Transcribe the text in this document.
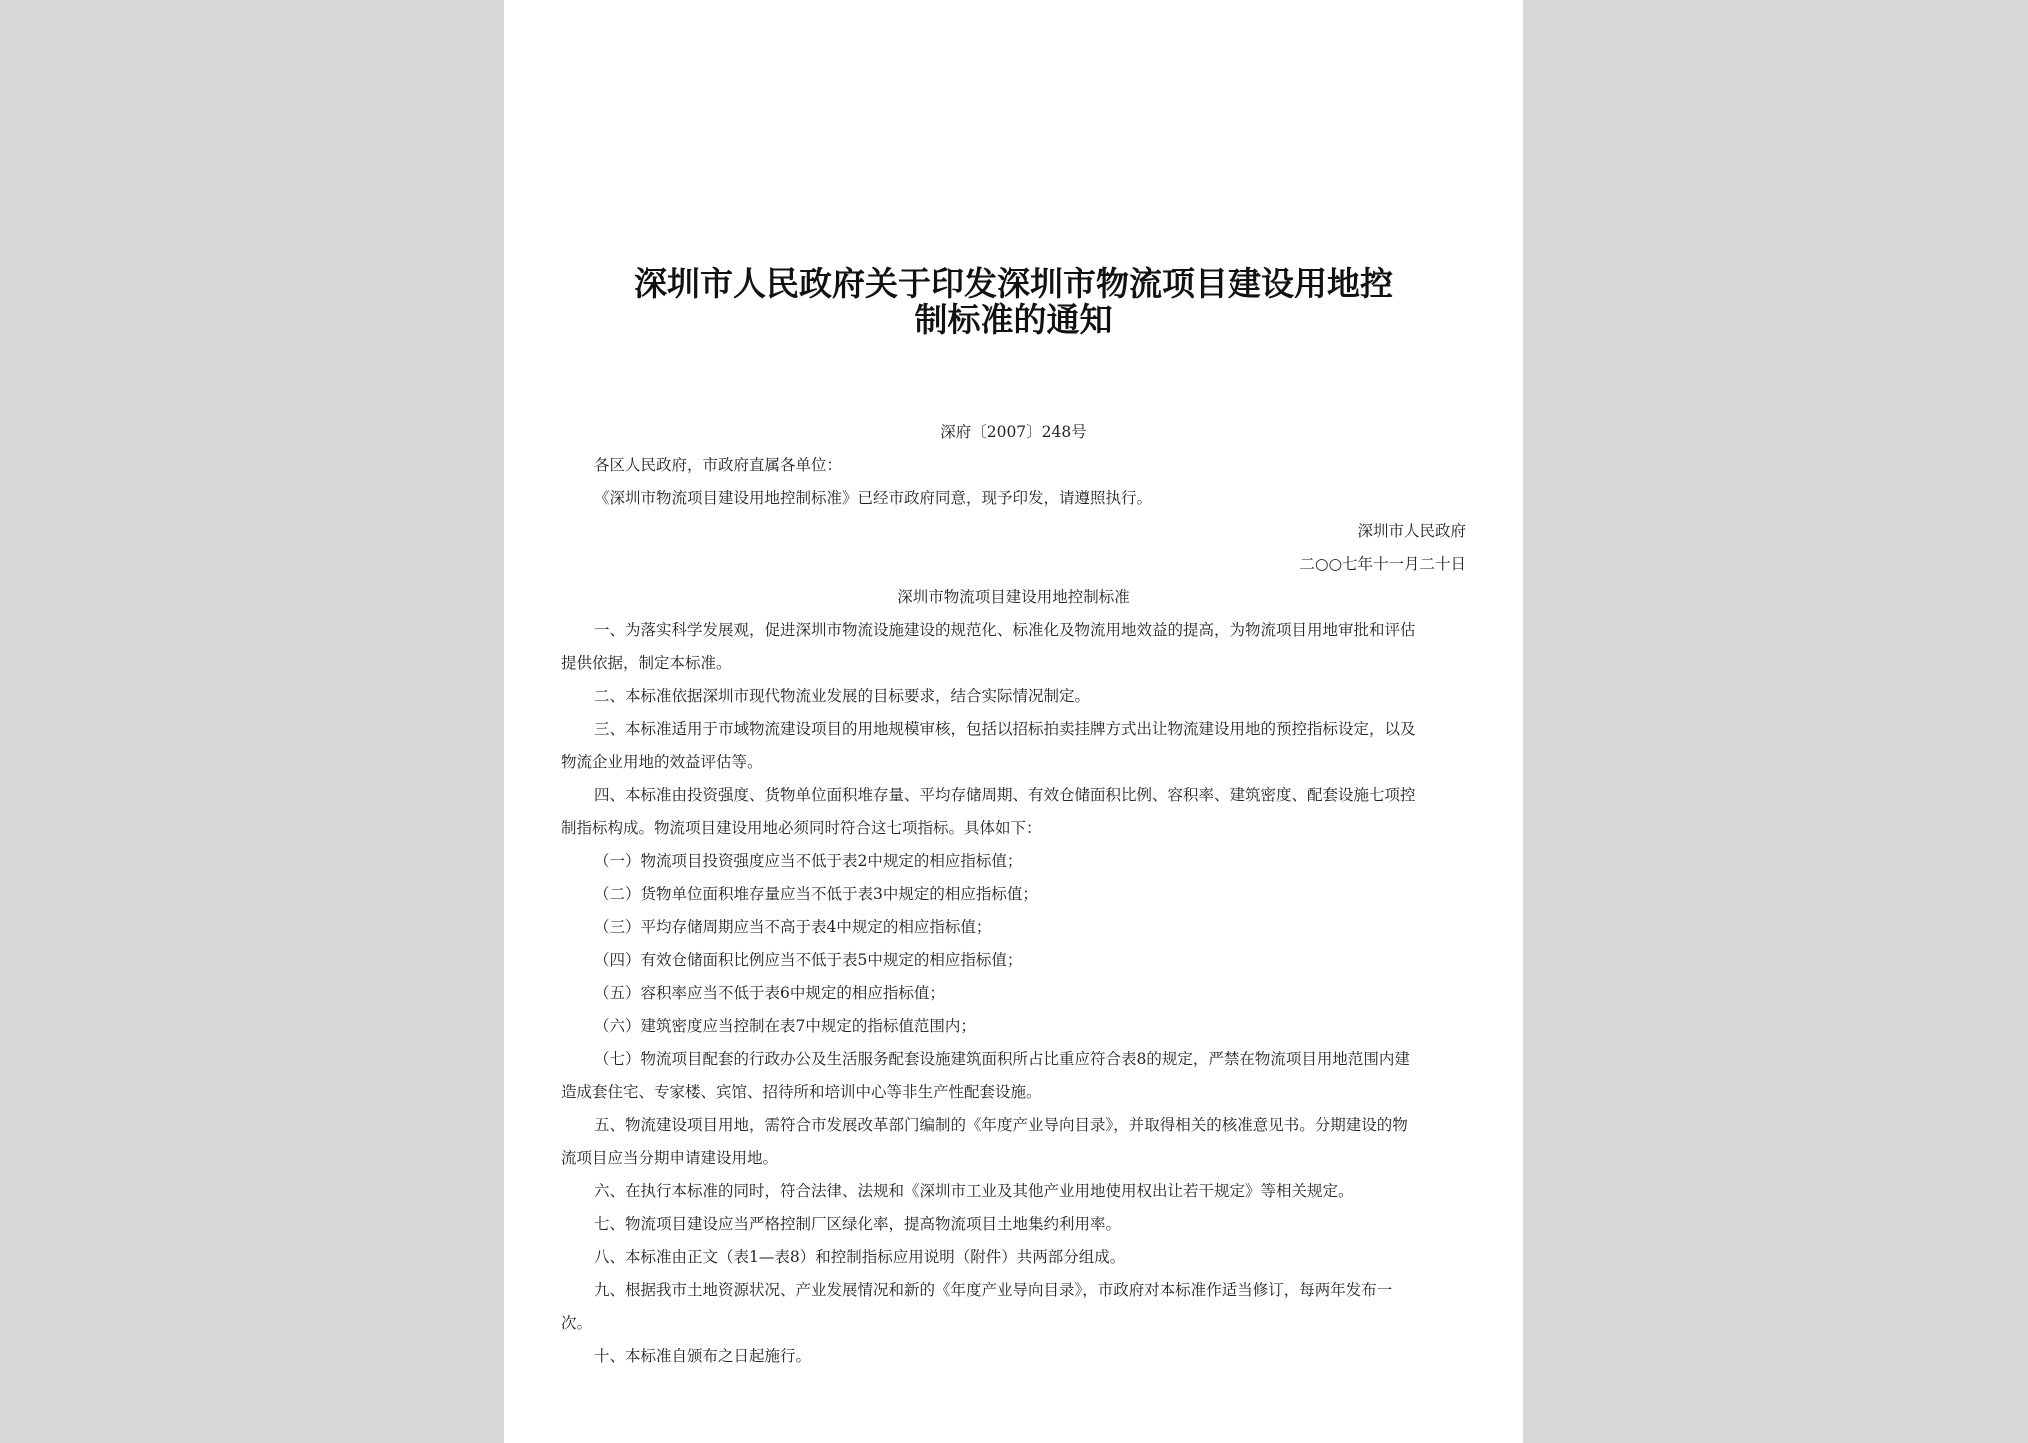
深圳市人民政府关于印发深圳市物流项目建设用地控
制标准的通知
深府〔2007〕248号
各区人民政府，市政府直属各单位：
《深圳市物流项目建设用地控制标准》已经市政府同意，现予印发，请遵照执行。
深圳市人民政府
二○○七年十一月二十日
深圳市物流项目建设用地控制标准
一、为落实科学发展观，促进深圳市物流设施建设的规范化、标准化及物流用地效益的提高，为物流项目用地审批和评估
提供依据，制定本标准。
二、本标准依据深圳市现代物流业发展的目标要求，结合实际情况制定。
三、本标准适用于市域物流建设项目的用地规模审核，包括以招标拍卖挂牌方式出让物流建设用地的预控指标设定，以及
物流企业用地的效益评估等。
四、本标准由投资强度、货物单位面积堆存量、平均存储周期、有效仓储面积比例、容积率、建筑密度、配套设施七项控
制指标构成。物流项目建设用地必须同时符合这七项指标。具体如下：
（一）物流项目投资强度应当不低于表2中规定的相应指标值；
（二）货物单位面积堆存量应当不低于表3中规定的相应指标值；
（三）平均存储周期应当不高于表4中规定的相应指标值；
（四）有效仓储面积比例应当不低于表5中规定的相应指标值；
（五）容积率应当不低于表6中规定的相应指标值；
（六）建筑密度应当控制在表7中规定的指标值范围内；
（七）物流项目配套的行政办公及生活服务配套设施建筑面积所占比重应符合表8的规定，严禁在物流项目用地范围内建
造成套住宅、专家楼、宾馆、招待所和培训中心等非生产性配套设施。
五、物流建设项目用地，需符合市发展改革部门编制的《年度产业导向目录》，并取得相关的核准意见书。分期建设的物
流项目应当分期申请建设用地。
六、在执行本标准的同时，符合法律、法规和《深圳市工业及其他产业用地使用权出让若干规定》等相关规定。
七、物流项目建设应当严格控制厂区绿化率，提高物流项目土地集约利用率。
八、本标准由正文（表1—表8）和控制指标应用说明（附件）共两部分组成。
九、根据我市土地资源状况、产业发展情况和新的《年度产业导向目录》，市政府对本标准作适当修订，每两年发布一
次。
十、本标准自颁布之日起施行。
